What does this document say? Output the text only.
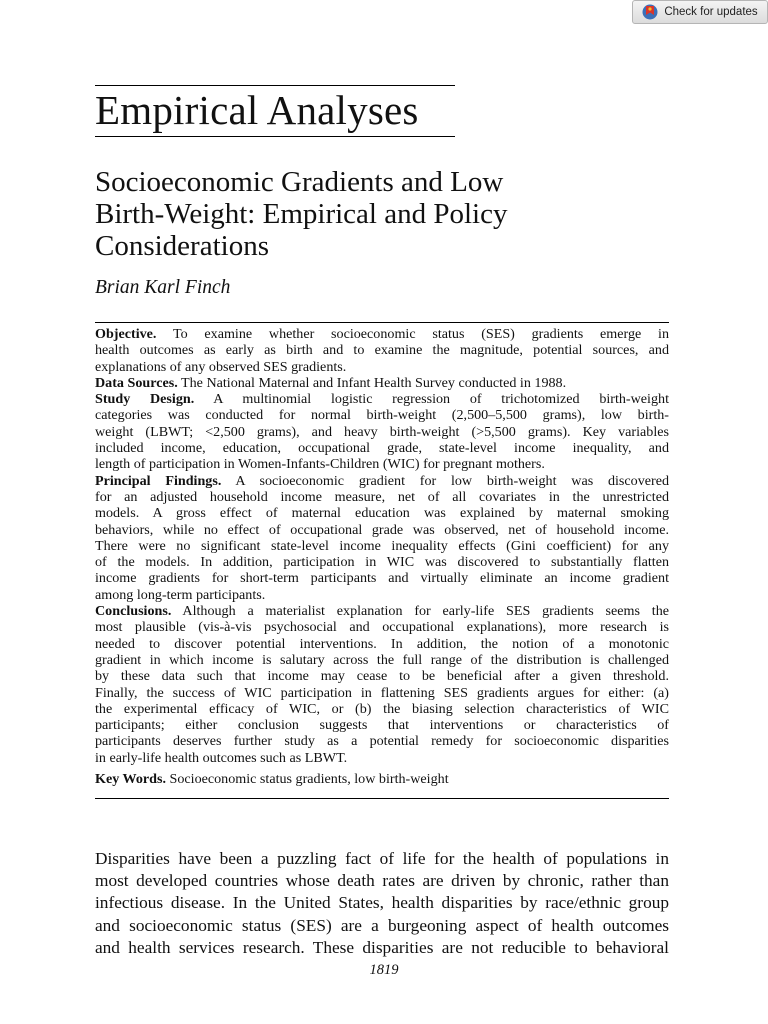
Check for updates
Empirical Analyses
Socioeconomic Gradients and Low
Birth-Weight: Empirical and Policy
Considerations

Brian Karl Finch

Objective. To examine whether socioeconomic status (SES) gradients emerge in
health outcomes as early as birth and to examine the magnitude, potential sources, and
explanations of any observed SES gradients.
Data Sources. The National Maternal and Infant Health Survey conducted in 1988.
Study Design. A multinomial logistic regression of trichotomized birth-weight
categories was conducted for normal birth-weight (2,500–5,500 grams), low birth-
weight (LBWT; <2,500 grams), and heavy birth-weight (>5,500 grams). Key variables
included income, education, occupational grade, state-level income inequality, and
length of participation in Women-Infants-Children (WIC) for pregnant mothers.
Principal Findings. A socioeconomic gradient for low birth-weight was discovered
for an adjusted household income measure, net of all covariates in the unrestricted
models. A gross effect of maternal education was explained by maternal smoking
behaviors, while no effect of occupational grade was observed, net of household income.
There were no significant state-level income inequality effects (Gini coefficient) for any
of the models. In addition, participation in WIC was discovered to substantially flatten
income gradients for short-term participants and virtually eliminate an income gradient
among long-term participants.
Conclusions. Although a materialist explanation for early-life SES gradients seems the
most plausible (vis-à-vis psychosocial and occupational explanations), more research is
needed to discover potential interventions. In addition, the notion of a monotonic
gradient in which income is salutary across the full range of the distribution is challenged
by these data such that income may cease to be beneficial after a given threshold.
Finally, the success of WIC participation in flattening SES gradients argues for either: (a)
the experimental efficacy of WIC, or (b) the biasing selection characteristics of WIC
participants; either conclusion suggests that interventions or characteristics of
participants deserves further study as a potential remedy for socioeconomic disparities
in early-life health outcomes such as LBWT.
Key Words. Socioeconomic status gradients, low birth-weight
Disparities have been a puzzling fact of life for the health of populations in
most developed countries whose death rates are driven by chronic, rather than
infectious disease. In the United States, health disparities by race/ethnic group
and socioeconomic status (SES) are a burgeoning aspect of health outcomes
and health services research. These disparities are not reducible to behavioral
1819
